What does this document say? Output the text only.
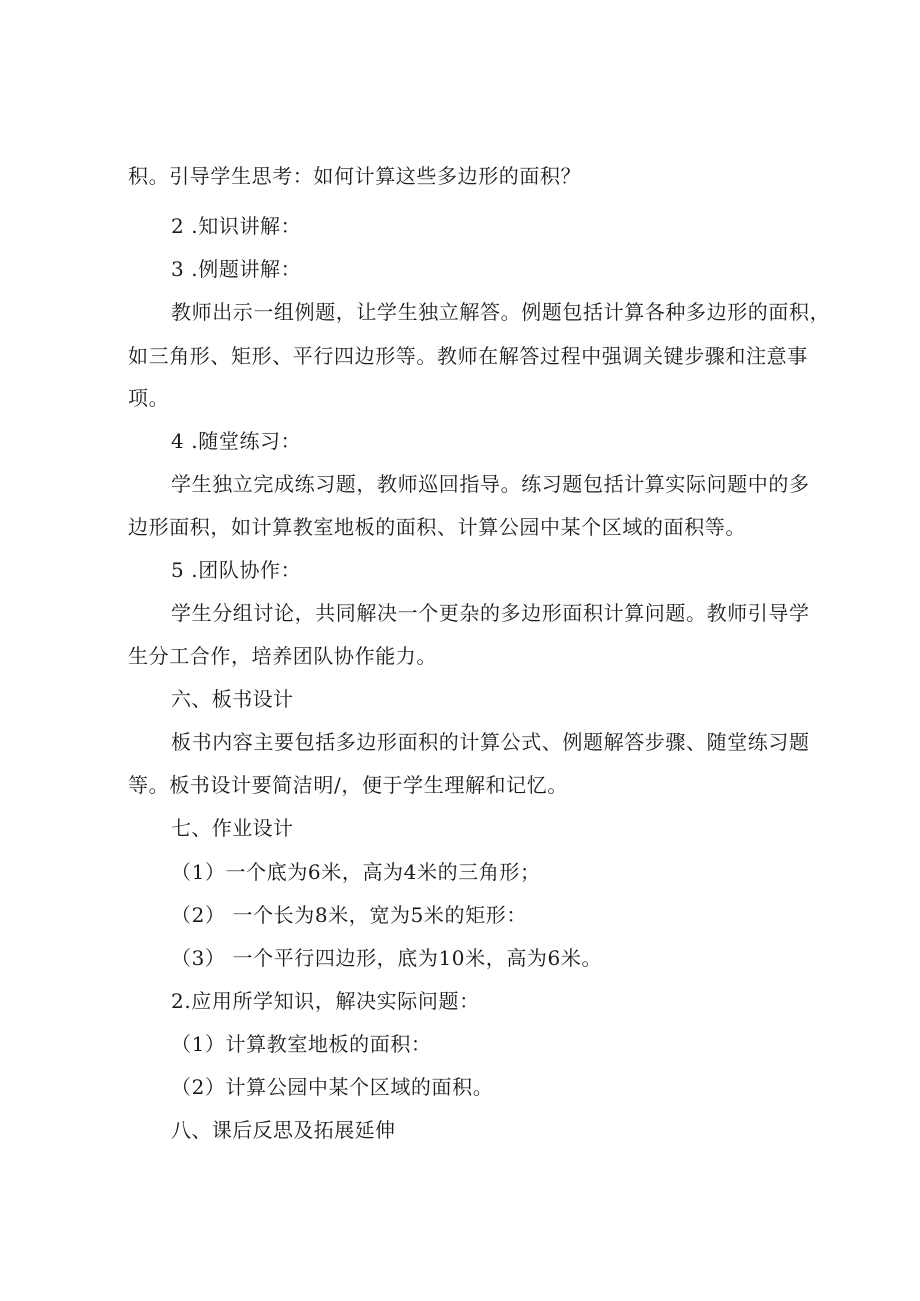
积。引导学生思考：如何计算这些多边形的面积？
2 .知识讲解：
3 .例题讲解：
教师出示一组例题，让学生独立解答。例题包括计算各种多边形的面积，
如三角形、矩形、平行四边形等。教师在解答过程中强调关键步骤和注意事
项。
4 .随堂练习：
学生独立完成练习题，教师巡回指导。练习题包括计算实际问题中的多
边形面积，如计算教室地板的面积、计算公园中某个区域的面积等。
5 .团队协作：
学生分组讨论，共同解决一个更杂的多边形面积计算问题。教师引导学
生分工合作，培养团队协作能力。
六、板书设计
板书内容主要包括多边形面积的计算公式、例题解答步骤、随堂练习题
等。板书设计要简洁明/，便于学生理解和记忆。
七、作业设计
（1）一个底为6米，高为4米的三角形；
（2） 一个长为8米，宽为5米的矩形：
（3） 一个平行四边形，底为10米，高为6米。
2.应用所学知识，解决实际问题：
（1）计算教室地板的面积：
（2）计算公园中某个区域的面积。
八、课后反思及拓展延伸
